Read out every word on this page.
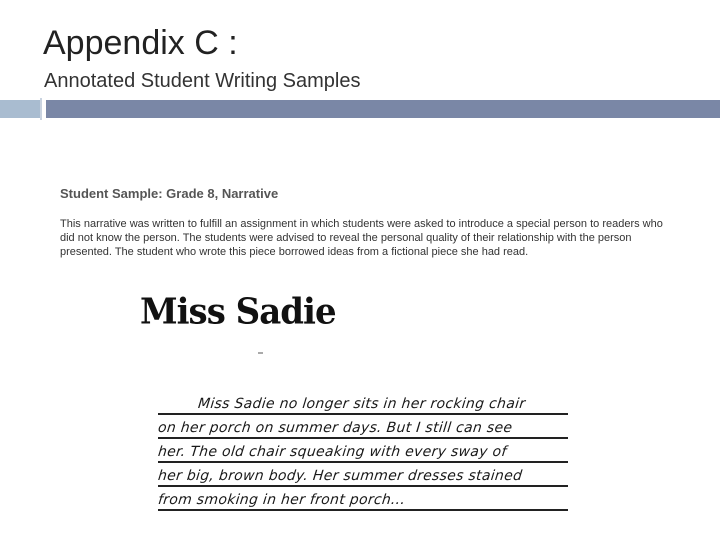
Appendix C :
Annotated Student Writing Samples
Student Sample: Grade 8, Narrative
This narrative was written to fulfill an assignment in which students were asked to introduce a special person to readers who did not know the person. The students were advised to reveal the personal quality of their relationship with the person presented. The student who wrote this piece borrowed ideas from a fictional piece she had read.
Miss Sadie
Miss Sadie no longer sits in her rocking chair
on her porch on summer days. But I still can see
her. The old chair squeaking with every sway of
her big, brown body. Her summer dresses stained
from smoking in her front porch...
